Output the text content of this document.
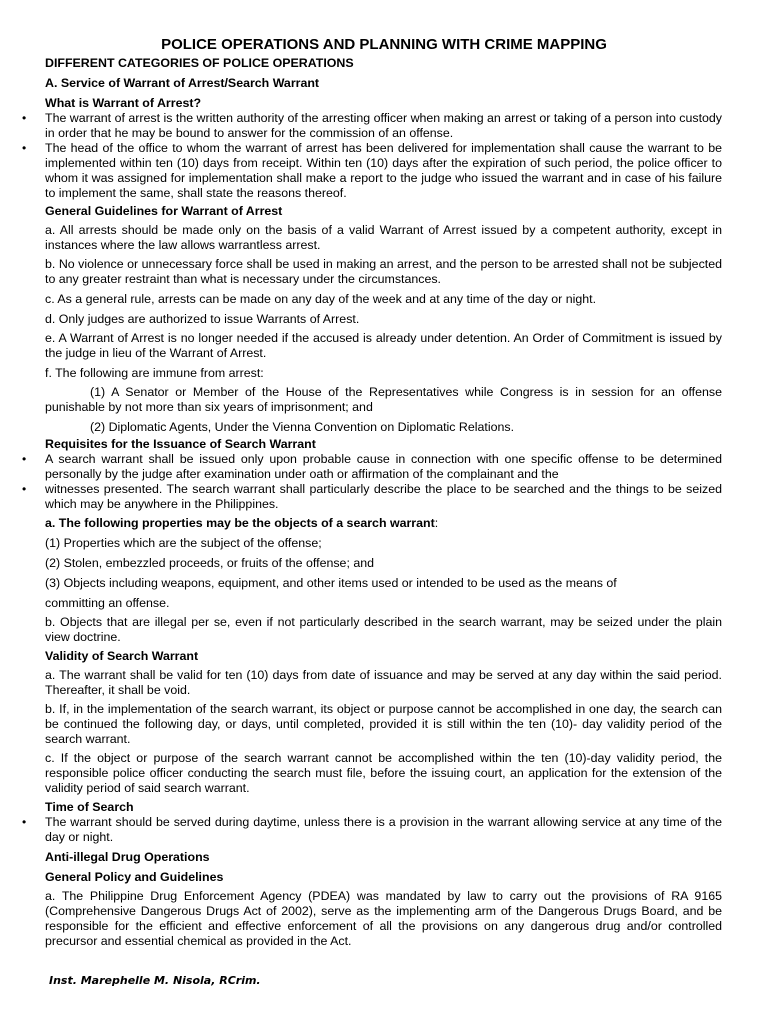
POLICE OPERATIONS AND PLANNING WITH CRIME MAPPING
DIFFERENT CATEGORIES OF POLICE OPERATIONS
A. Service of Warrant of Arrest/Search Warrant
What is Warrant of Arrest?
• The warrant of arrest is the written authority of the arresting officer when making an arrest or taking of a person into custody in order that he may be bound to answer for the commission of an offense.
• The head of the office to whom the warrant of arrest has been delivered for implementation shall cause the warrant to be implemented within ten (10) days from receipt. Within ten (10) days after the expiration of such period, the police officer to whom it was assigned for implementation shall make a report to the judge who issued the warrant and in case of his failure to implement the same, shall state the reasons thereof.
General Guidelines for Warrant of Arrest
a. All arrests should be made only on the basis of a valid Warrant of Arrest issued by a competent authority, except in instances where the law allows warrantless arrest.
b. No violence or unnecessary force shall be used in making an arrest, and the person to be arrested shall not be subjected to any greater restraint than what is necessary under the circumstances.
c. As a general rule, arrests can be made on any day of the week and at any time of the day or night.
d. Only judges are authorized to issue Warrants of Arrest.
e. A Warrant of Arrest is no longer needed if the accused is already under detention. An Order of Commitment is issued by the judge in lieu of the Warrant of Arrest.
f. The following are immune from arrest:
(1) A Senator or Member of the House of the Representatives while Congress is in session for an offense punishable by not more than six years of imprisonment; and
(2) Diplomatic Agents, Under the Vienna Convention on Diplomatic Relations.
Requisites for the Issuance of Search Warrant
• A search warrant shall be issued only upon probable cause in connection with one specific offense to be determined personally by the judge after examination under oath or affirmation of the complainant and the
• witnesses presented. The search warrant shall particularly describe the place to be searched and the things to be seized which may be anywhere in the Philippines.
a. The following properties may be the objects of a search warrant:
(1) Properties which are the subject of the offense;
(2) Stolen, embezzled proceeds, or fruits of the offense; and
(3) Objects including weapons, equipment, and other items used or intended to be used as the means of
committing an offense.
b. Objects that are illegal per se, even if not particularly described in the search warrant, may be seized under the plain view doctrine.
Validity of Search Warrant
a. The warrant shall be valid for ten (10) days from date of issuance and may be served at any day within the said period. Thereafter, it shall be void.
b. If, in the implementation of the search warrant, its object or purpose cannot be accomplished in one day, the search can be continued the following day, or days, until completed, provided it is still within the ten (10)- day validity period of the search warrant.
c. If the object or purpose of the search warrant cannot be accomplished within the ten (10)-day validity period, the responsible police officer conducting the search must file, before the issuing court, an application for the extension of the validity period of said search warrant.
Time of Search
• The warrant should be served during daytime, unless there is a provision in the warrant allowing service at any time of the day or night.
Anti-illegal Drug Operations
General Policy and Guidelines
a. The Philippine Drug Enforcement Agency (PDEA) was mandated by law to carry out the provisions of RA 9165 (Comprehensive Dangerous Drugs Act of 2002), serve as the implementing arm of the Dangerous Drugs Board, and be responsible for the efficient and effective enforcement of all the provisions on any dangerous drug and/or controlled precursor and essential chemical as provided in the Act.
Inst. Marephelle M. Nisola, RCrim.
